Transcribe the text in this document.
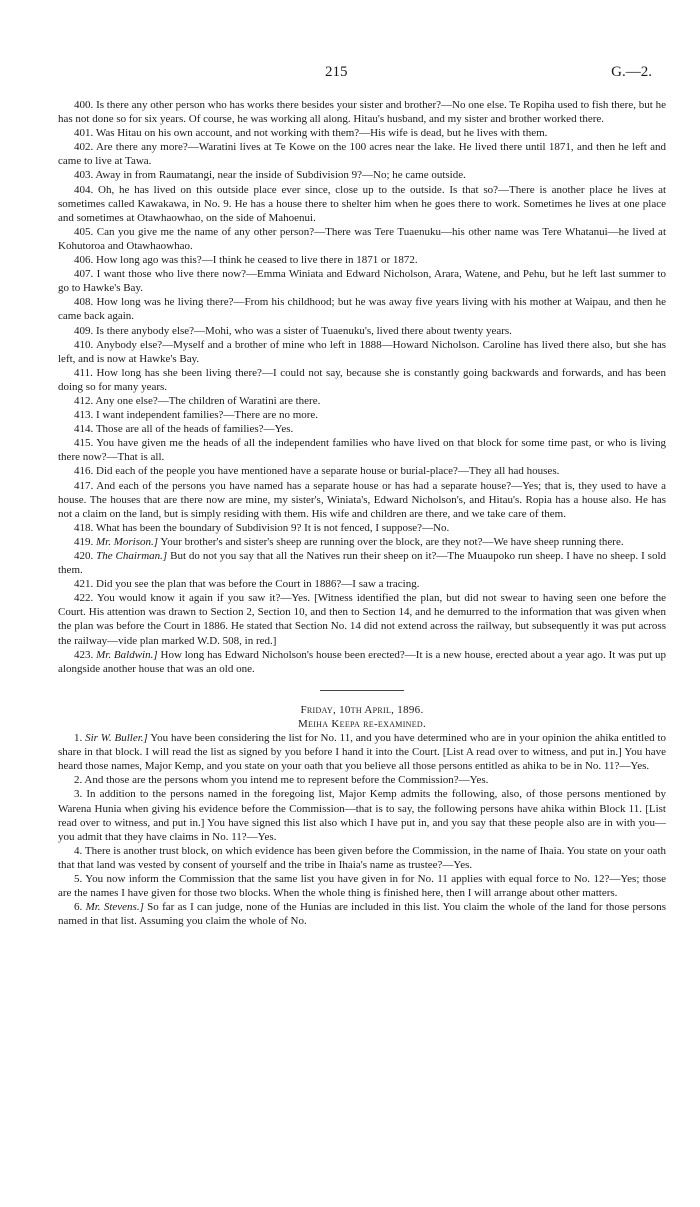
215	G.—2.

400. Is there any other person who has works there besides your sister and brother?—No one else. Te Ropiha used to fish there, but he has not done so for six years. Of course, he was working all along. Hitau's husband, and my sister and brother worked there.

401. Was Hitau on his own account, and not working with them?—His wife is dead, but he lives with them.

402. Are there any more?—Waratini lives at Te Kowe on the 100 acres near the lake. He lived there until 1871, and then he left and came to live at Tawa.

403. Away in from Raumatangi, near the inside of Subdivision 9?—No; he came outside.

404. Oh, he has lived on this outside place ever since, close up to the outside. Is that so?—There is another place he lives at sometimes called Kawakawa, in No. 9. He has a house there to shelter him when he goes there to work. Sometimes he lives at one place and sometimes at Otawhaowhao, on the side of Mahoenui.

405. Can you give me the name of any other person?—There was Tere Tuaenuku—his other name was Tere Whatanui—he lived at Kohutoroa and Otawhaowhao.

406. How long ago was this?—I think he ceased to live there in 1871 or 1872.

407. I want those who live there now?—Emma Winiata and Edward Nicholson, Arara, Watene, and Pehu, but he left last summer to go to Hawke's Bay.

408. How long was he living there?—From his childhood; but he was away five years living with his mother at Waipau, and then he came back again.

409. Is there anybody else?—Mohi, who was a sister of Tuaenuku's, lived there about twenty years.

410. Anybody else?—Myself and a brother of mine who left in 1888—Howard Nicholson. Caroline has lived there also, but she has left, and is now at Hawke's Bay.

411. How long has she been living there?—I could not say, because she is constantly going backwards and forwards, and has been doing so for many years.

412. Any one else?—The children of Waratini are there.

413. I want independent families?—There are no more.

414. Those are all of the heads of families?—Yes.

415. You have given me the heads of all the independent families who have lived on that block for some time past, or who is living there now?—That is all.

416. Did each of the people you have mentioned have a separate house or burial-place?—They all had houses.

417. And each of the persons you have named has a separate house or has had a separate house?—Yes; that is, they used to have a house. The houses that are there now are mine, my sister's, Winiata's, Edward Nicholson's, and Hitau's. Ropia has a house also. He has not a claim on the land, but is simply residing with them. His wife and children are there, and we take care of them.

418. What has been the boundary of Subdivision 9? It is not fenced, I suppose?—No.

419. Mr. Morison.] Your brother's and sister's sheep are running over the block, are they not?—We have sheep running there.

420. The Chairman.] But do not you say that all the Natives run their sheep on it?—The Muaupoko run sheep. I have no sheep. I sold them.

421. Did you see the plan that was before the Court in 1886?—I saw a tracing.

422. You would know it again if you saw it?—Yes. [Witness identified the plan, but did not swear to having seen one before the Court. His attention was drawn to Section 2, Section 10, and then to Section 14, and he demurred to the information that was given when the plan was before the Court in 1886. He stated that Section No. 14 did not extend across the railway, but subsequently it was put across the railway—vide plan marked W.D. 508, in red.]

423. Mr. Baldwin.] How long has Edward Nicholson's house been erected?—It is a new house, erected about a year ago. It was put up alongside another house that was an old one.

Friday, 10th April, 1896.

Meiha Keepa re-examined.

1. Sir W. Buller.] You have been considering the list for No. 11, and you have determined who are in your opinion the ahika entitled to share in that block. I will read the list as signed by you before I hand it into the Court. [List A read over to witness, and put in.] You have heard those names, Major Kemp, and you state on your oath that you believe all those persons entitled as ahika to be in No. 11?—Yes.

2. And those are the persons whom you intend me to represent before the Commission?—Yes.

3. In addition to the persons named in the foregoing list, Major Kemp admits the following, also, of those persons mentioned by Warena Hunia when giving his evidence before the Commission—that is to say, the following persons have ahika within Block 11. [List read over to witness, and put in.] You have signed this list also which I have put in, and you say that these people also are in with you—you admit that they have claims in No. 11?—Yes.

4. There is another trust block, on which evidence has been given before the Commission, in the name of Ihaia. You state on your oath that that land was vested by consent of yourself and the tribe in Ihaia's name as trustee?—Yes.

5. You now inform the Commission that the same list you have given in for No. 11 applies with equal force to No. 12?—Yes; those are the names I have given for those two blocks. When the whole thing is finished here, then I will arrange about other matters.

6. Mr. Stevens.] So far as I can judge, none of the Hunias are included in this list. You claim the whole of the land for those persons named in that list. Assuming you claim the whole of No.
